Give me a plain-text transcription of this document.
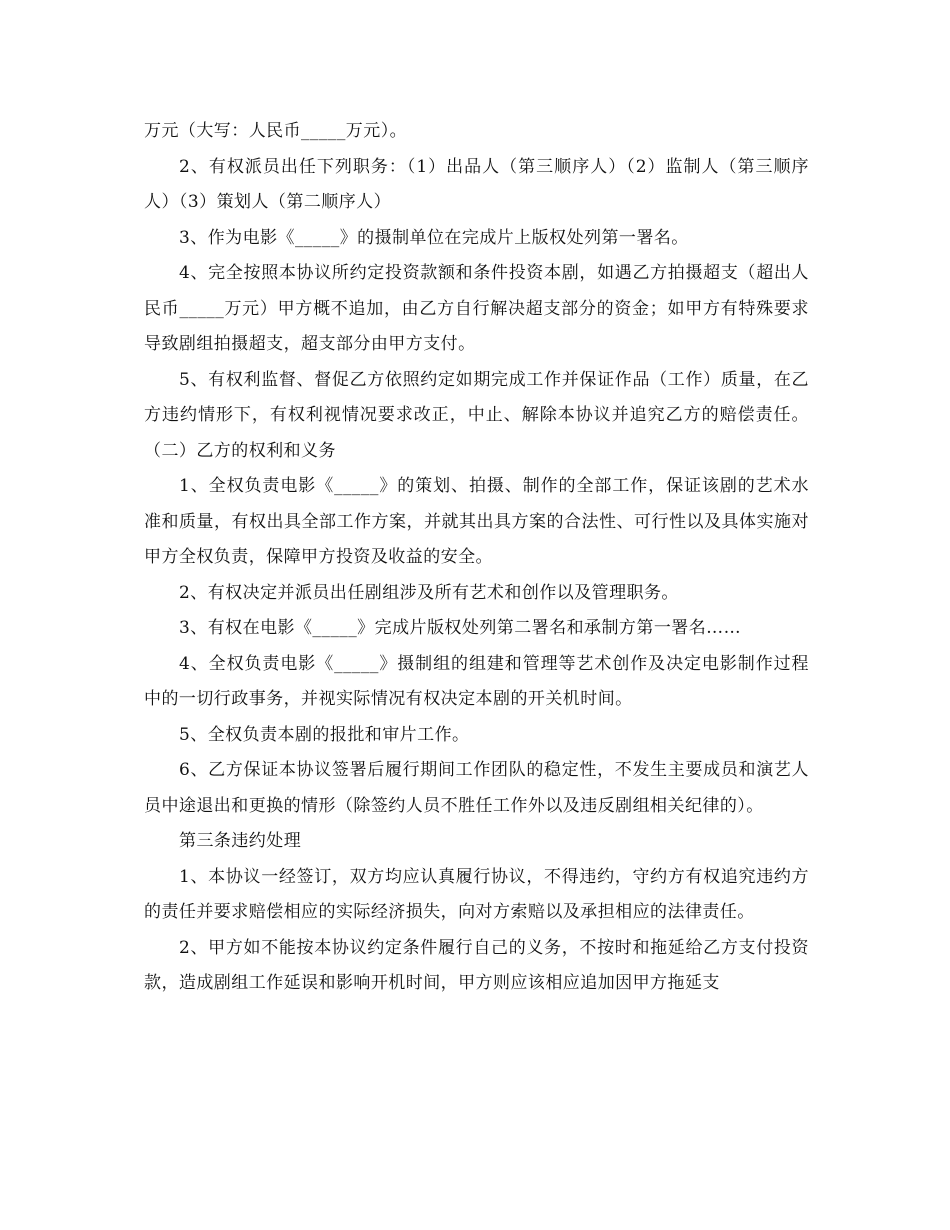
万元（大写：人民币_____万元）。

2、有权派员出任下列职务：（1）出品人（第三顺序人）（2）监制人（第三顺序人）（3）策划人（第二顺序人）

3、作为电影《_____》的摄制单位在完成片上版权处列第一署名。

4、完全按照本协议所约定投资款额和条件投资本剧，如遇乙方拍摄超支（超出人民币_____万元）甲方概不追加，由乙方自行解决超支部分的资金；如甲方有特殊要求导致剧组拍摄超支，超支部分由甲方支付。

5、有权利监督、督促乙方依照约定如期完成工作并保证作品（工作）质量，在乙方违约情形下，有权利视情况要求改正，中止、解除本协议并追究乙方的赔偿责任。（二）乙方的权利和义务

1、全权负责电影《_____》的策划、拍摄、制作的全部工作，保证该剧的艺术水准和质量，有权出具全部工作方案，并就其出具方案的合法性、可行性以及具体实施对甲方全权负责，保障甲方投资及收益的安全。

2、有权决定并派员出任剧组涉及所有艺术和创作以及管理职务。

3、有权在电影《_____》完成片版权处列第二署名和承制方第一署名……

4、全权负责电影《_____》摄制组的组建和管理等艺术创作及决定电影制作过程中的一切行政事务，并视实际情况有权决定本剧的开关机时间。

5、全权负责本剧的报批和审片工作。

6、乙方保证本协议签署后履行期间工作团队的稳定性，不发生主要成员和演艺人员中途退出和更换的情形（除签约人员不胜任工作外以及违反剧组相关纪律的）。

第三条违约处理

1、本协议一经签订，双方均应认真履行协议，不得违约，守约方有权追究违约方的责任并要求赔偿相应的实际经济损失，向对方索赔以及承担相应的法律责任。

2、甲方如不能按本协议约定条件履行自己的义务，不按时和拖延给乙方支付投资款，造成剧组工作延误和影响开机时间，甲方则应该相应追加因甲方拖延支
